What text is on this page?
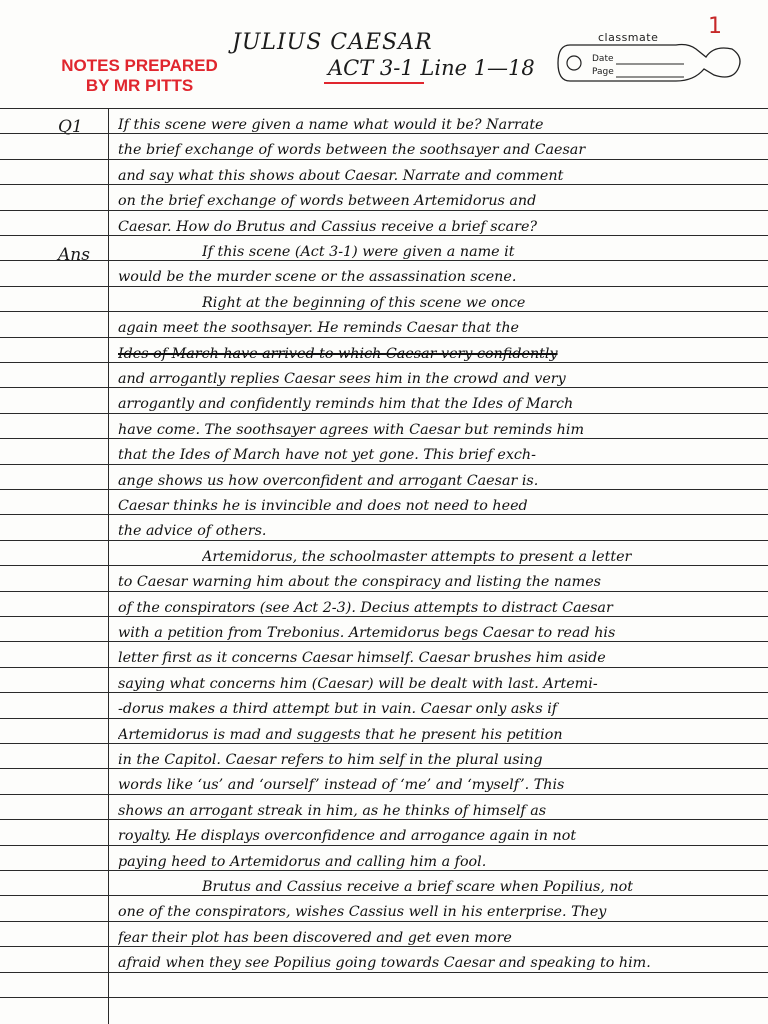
classmate
Date
Page
1
NOTES PREPARED
BY MR PITTS
JULIUS CAESAR
ACT 3-1 Line 1—18
Q1
Ans
If this scene were given a name what would it be? Narrate
the brief exchange of words between the soothsayer and Caesar
and say what this shows about Caesar. Narrate and comment
on the brief exchange of words between Artemidorus and
Caesar. How do Brutus and Cassius receive a brief scare?
If this scene (Act 3-1) were given a name it
would be the murder scene or the assassination scene.
Right at the beginning of this scene we once
again meet the soothsayer. He reminds Caesar that the
Ides of March have arrived to which Caesar very confidently
and arrogantly replies Caesar sees him in the crowd and very
arrogantly and confidently reminds him that the Ides of March
have come. The soothsayer agrees with Caesar but reminds him
that the Ides of March have not yet gone. This brief exch-
ange shows us how overconfident and arrogant Caesar is.
Caesar thinks he is invincible and does not need to heed
the advice of others.
Artemidorus, the schoolmaster attempts to present a letter
to Caesar warning him about the conspiracy and listing the names
of the conspirators (see Act 2-3). Decius attempts to distract Caesar
with a petition from Trebonius. Artemidorus begs Caesar to read his
letter first as it concerns Caesar himself. Caesar brushes him aside
saying what concerns him (Caesar) will be dealt with last. Artemi-
-dorus makes a third attempt but in vain. Caesar only asks if
Artemidorus is mad and suggests that he present his petition
in the Capitol. Caesar refers to him self in the plural using
words like ‘us’ and ‘ourself’ instead of ‘me’ and ‘myself’. This
shows an arrogant streak in him, as he thinks of himself as
royalty. He displays overconfidence and arrogance again in not
paying heed to Artemidorus and calling him a fool.
Brutus and Cassius receive a brief scare when Popilius, not
one of the conspirators, wishes Cassius well in his enterprise. They
fear their plot has been discovered and get even more
afraid when they see Popilius going towards Caesar and speaking to him.
